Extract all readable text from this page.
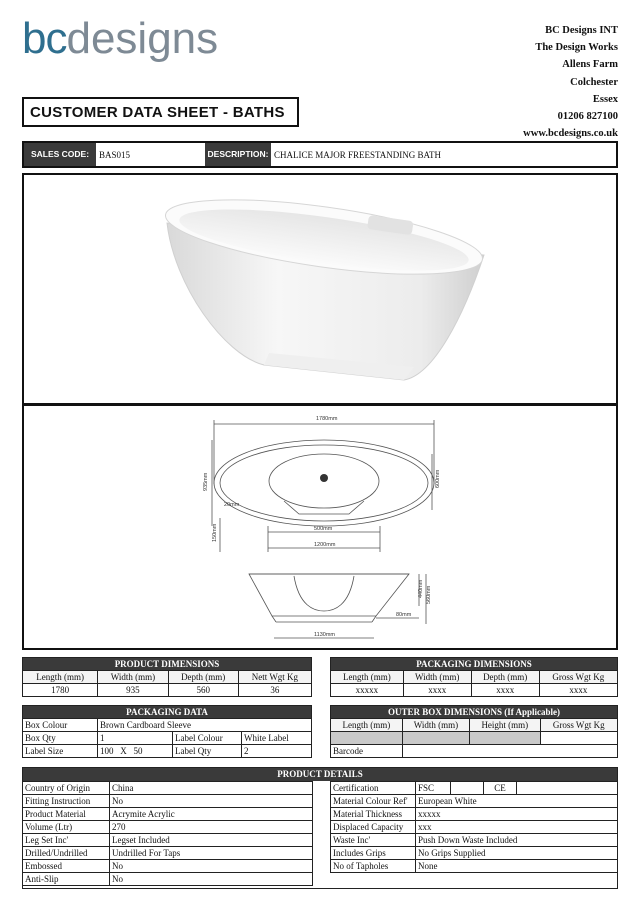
bc designs
CUSTOMER DATA SHEET - BATHS
BC Designs INT
The Design Works
Allens Farm
Colchester
Essex
01206 827100
www.bcdesigns.co.uk
SALES CODE:	BAS015	DESCRIPTION: CHALICE MAJOR FREESTANDING BATH
1780mm
935mm	600mm
20mm
500mm
1200mm
150mm
440mm 560mm
80mm
1130mm
PRODUCT DIMENSIONS			
Length (mm)	Width (mm)	Depth (mm)	Nett Wgt Kg
1780	935	560	36
PACKAGING DIMENSIONS			
Length (mm)	Width (mm)	Depth (mm)	Gross Wgt Kg
xxxxx	xxxx	xxxx	xxxx
PACKAGING DATA			
Box Colour	Brown Cardboard Sleeve		
Box Qty	1	Label Colour	White Label
Label Size	100   X   50	Label Qty	2
OUTER BOX DIMENSIONS (If Applicable)			
Length (mm)	Width (mm)	Height (mm)	Gross Wgt Kg

Barcode			
PRODUCT DETAILS
Country of Origin	China
Fitting Instruction	No
Product Material	Acrymite Acrylic
Volume (Ltr)	270
Leg Set Inc'	Legset Included
Drilled/Undrilled	Undrilled For Taps
Embossed	No
Anti-Slip	No
Certification	FSC		CE	
Material Colour Ref'	European White			
Material Thickness	xxxxx			
Displaced Capacity	xxx			
Waste Inc'	Push Down Waste Included			
Includes Grips	No Grips Supplied			
No of Tapholes	None			
